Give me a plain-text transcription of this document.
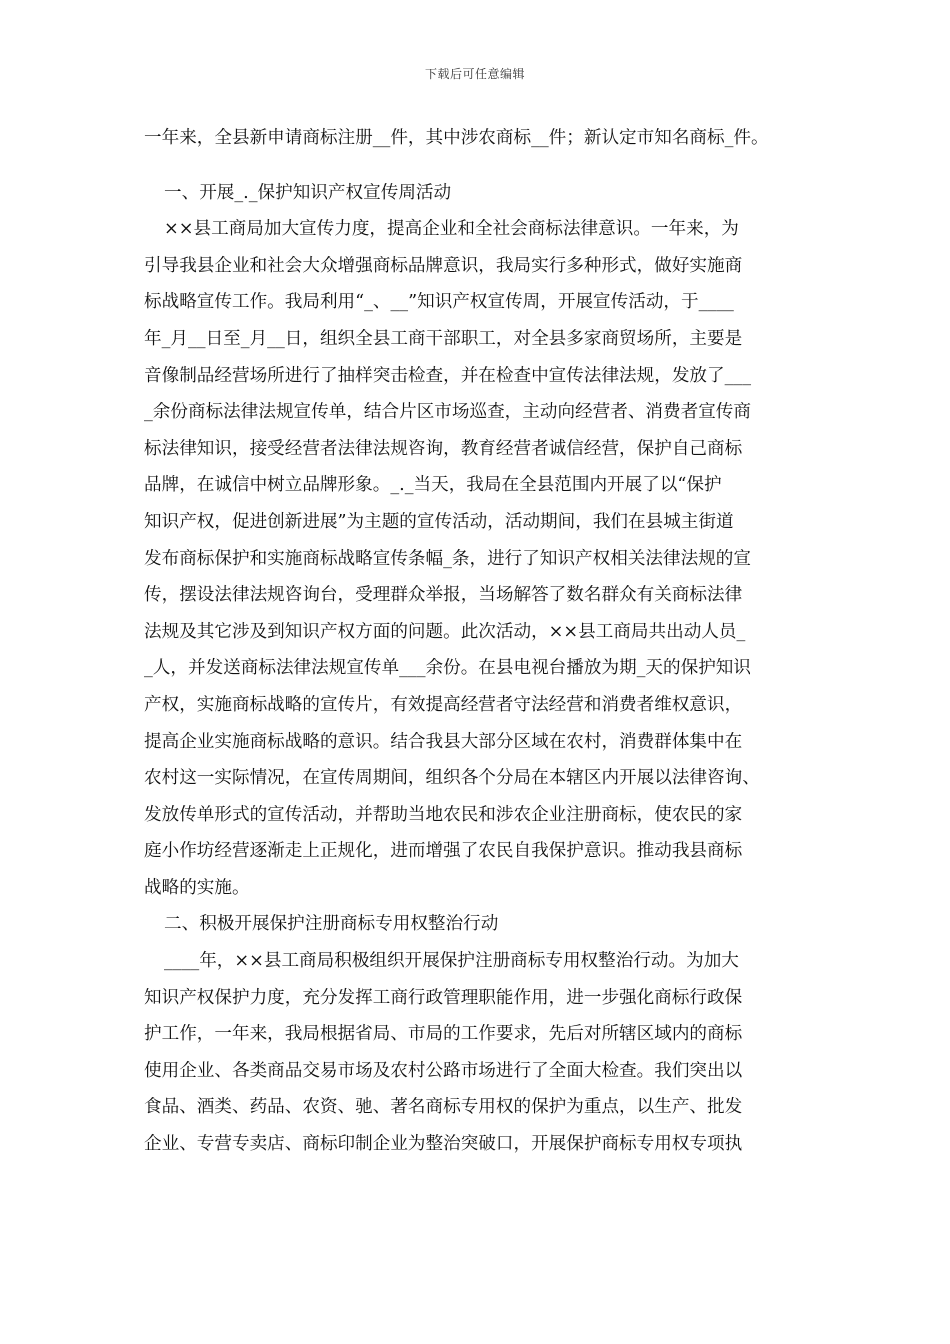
下载后可任意编辑
一年来，全县新申请商标注册__件，其中涉农商标__件；新认定市知名商标_件。
一、开展_._保护知识产权宣传周活动
××县工商局加大宣传力度，提高企业和全社会商标法律意识。一年来，为
引导我县企业和社会大众增强商标品牌意识，我局实行多种形式，做好实施商
标战略宣传工作。我局利用“_、__”知识产权宣传周，开展宣传活动，于____
年_月__日至_月__日，组织全县工商干部职工，对全县多家商贸场所，主要是
音像制品经营场所进行了抽样突击检查，并在检查中宣传法律法规，发放了___
_余份商标法律法规宣传单，结合片区市场巡查，主动向经营者、消费者宣传商
标法律知识，接受经营者法律法规咨询，教育经营者诚信经营，保护自己商标
品牌，在诚信中树立品牌形象。_._当天，我局在全县范围内开展了以“保护
知识产权，促进创新进展”为主题的宣传活动，活动期间，我们在县城主街道
发布商标保护和实施商标战略宣传条幅_条，进行了知识产权相关法律法规的宣
传，摆设法律法规咨询台，受理群众举报，当场解答了数名群众有关商标法律
法规及其它涉及到知识产权方面的问题。此次活动，××县工商局共出动人员_
_人，并发送商标法律法规宣传单___余份。在县电视台播放为期_天的保护知识
产权，实施商标战略的宣传片，有效提高经营者守法经营和消费者维权意识，
提高企业实施商标战略的意识。结合我县大部分区域在农村，消费群体集中在
农村这一实际情况，在宣传周期间，组织各个分局在本辖区内开展以法律咨询、
发放传单形式的宣传活动，并帮助当地农民和涉农企业注册商标，使农民的家
庭小作坊经营逐渐走上正规化，进而增强了农民自我保护意识。推动我县商标
战略的实施。
二、积极开展保护注册商标专用权整治行动
____年，××县工商局积极组织开展保护注册商标专用权整治行动。为加大
知识产权保护力度，充分发挥工商行政管理职能作用，进一步强化商标行政保
护工作，一年来，我局根据省局、市局的工作要求，先后对所辖区域内的商标
使用企业、各类商品交易市场及农村公路市场进行了全面大检查。我们突出以
食品、酒类、药品、农资、驰、著名商标专用权的保护为重点，以生产、批发
企业、专营专卖店、商标印制企业为整治突破口，开展保护商标专用权专项执
